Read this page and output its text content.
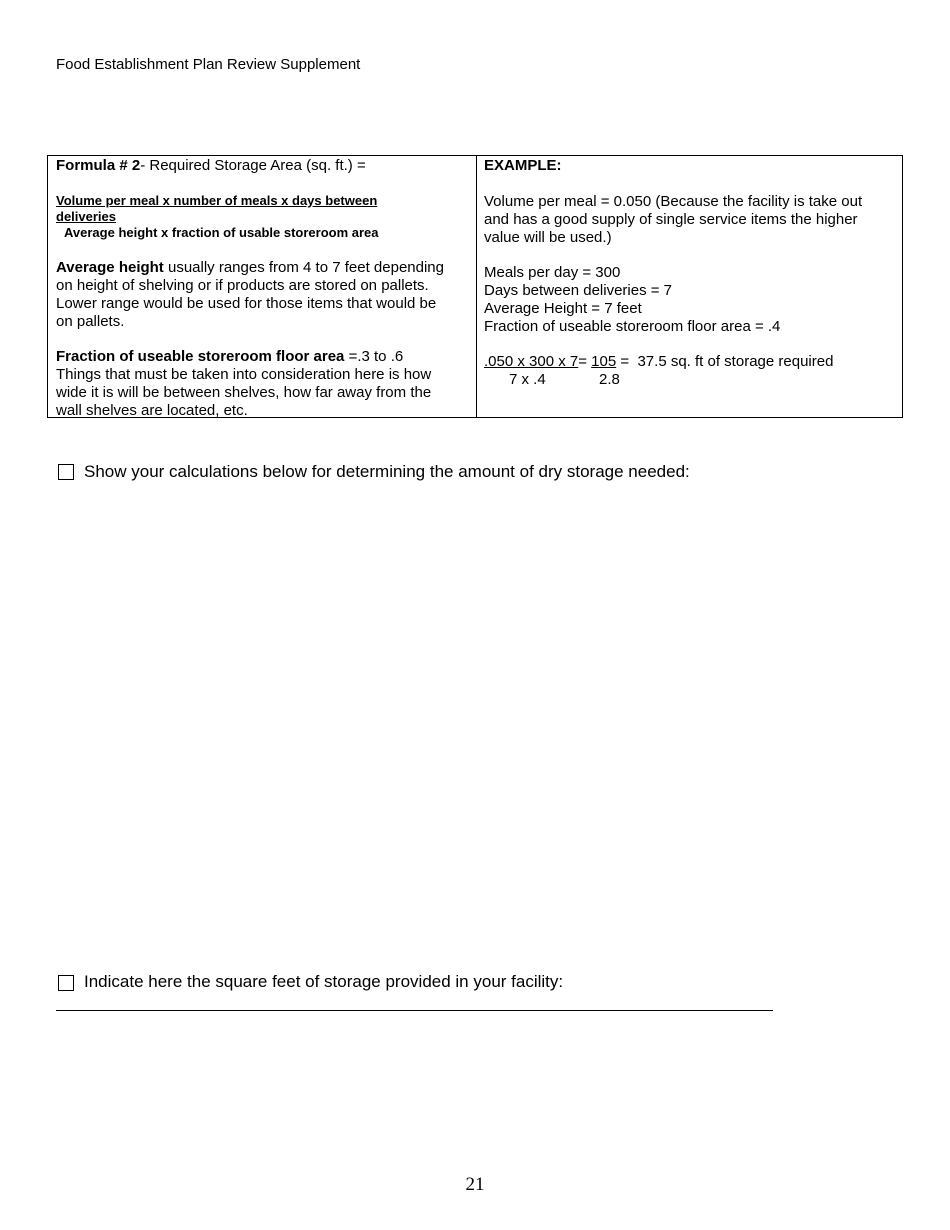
Food Establishment Plan Review Supplement
Formula # 2- Required Storage Area (sq. ft.) =
Volume per meal x number of meals x days between
deliveries
Average height x fraction of usable storeroom area
Average height usually ranges from 4 to 7 feet depending
on height of shelving or if products are stored on pallets.
Lower range would be used for those items that would be
on pallets.
Fraction of useable storeroom floor area =.3 to .6
Things that must be taken into consideration here is how
wide it is will be between shelves, how far away from the
wall shelves are located, etc.
EXAMPLE:
Volume per meal = 0.050 (Because the facility is take out
and has a good supply of single service items the higher
value will be used.)
Meals per day = 300
Days between deliveries = 7
Average Height = 7 feet
Fraction of useable storeroom floor area = .4
.050 x 300 x 7= 105 =  37.5 sq. ft of storage required
7 x .4	2.8
Show your calculations below for determining the amount of dry storage needed:
Indicate here the square feet of storage provided in your facility:
21
